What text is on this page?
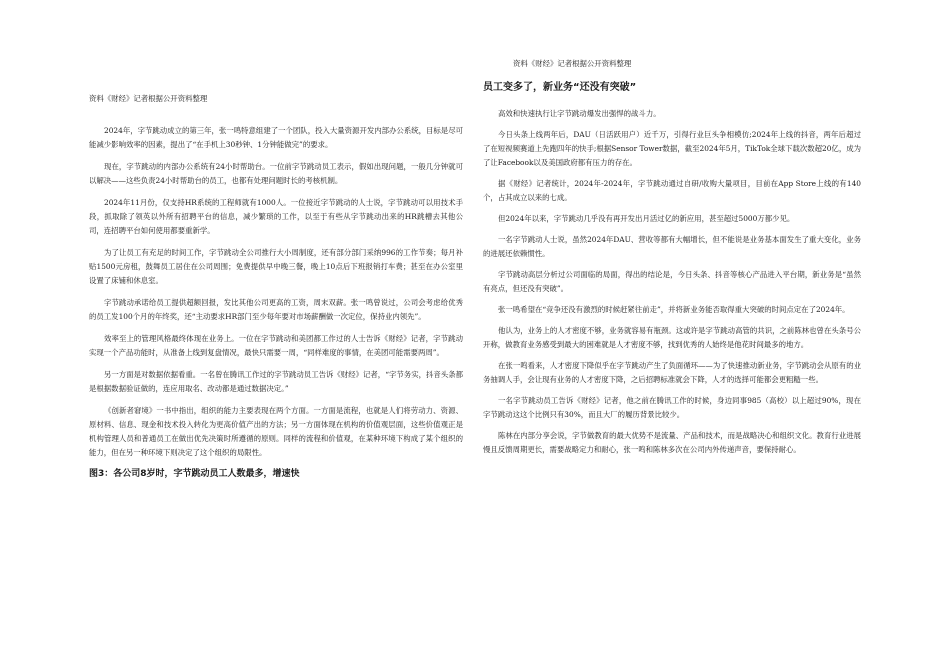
资料《财经》记者根据公开资料整理

2024年，字节跳动成立的第三年，张一鸣特意组建了一个团队，投入大量资源开发内部办公系统，目标是尽可能减少影响效率的因素，提出了“在手机上30秒钟、1分钟能做完”的要求。

现在，字节跳动的内部办公系统有24小时帮助台。一位前字节跳动员工表示，假如出现问题，一般几分钟就可以解决——这些负责24小时帮助台的员工，也都有处理问题时长的考核机制。

2024年11月份，仅支持HR系统的工程师就有1000人。一位接近字节跳动的人士说，字节跳动可以用技术手段，抓取除了领英以外所有招聘平台的信息，减少繁琐的工作，以至于有些从字节跳动出来的HR跳槽去其他公司，连招聘平台如何使用都要重新学。

为了让员工有充足的时间工作，字节跳动全公司推行大小周制度，还有部分部门采纳996的工作节奏；每月补贴1500元房租，鼓舞员工居住在公司周围；免费提供早中晚三餐，晚上10点后下班报销打车费；甚至在办公室里设置了床铺和休息室。

字节跳动承诺给员工提供超额回报，发比其他公司更高的工资，周末双薪。张一鸣曾说过，公司会考虑给优秀的员工发100个月的年终奖，还“主动要求HR部门至少每年要对市场薪酬做一次定位，保持业内领先”。

效率至上的管理风格最终体现在业务上。一位在字节跳动和美团都工作过的人士告诉《财经》记者，字节跳动实现一个产品功能时，从准备上线到复盘情况，最快只需要一周，“同样难度的事情，在美团可能需要两周”。

另一方面是对数据依据看重。一名曾在腾讯工作过的字节跳动员工告诉《财经》记者，“字节务实，抖音头条都是根据数据验证做的，连应用取名、改动都是通过数据决定。”

《创新者窘境》一书中指出，组织的能力主要表现在两个方面。一方面是流程，也就是人们将劳动力、资源、原材料、信息、现金和技术投入转化为更高价值产出的方法；另一方面体现在机构的价值观层面，这些价值观正是机构管理人员和普通员工在做出优先决策时所遵循的原则。同样的流程和价值观，在某种环境下构成了某个组织的能力，但在另一种环境下则决定了这个组织的局限性。

图3：各公司8岁时，字节跳动员工人数最多，增速快
资料《财经》记者根据公开资料整理
员工变多了，新业务“还没有突破”

高效和快速执行让字节跳动爆发出强悍的战斗力。

今日头条上线两年后，DAU（日活跃用户）近千万，引得行业巨头争相模仿;2024年上线的抖音，两年后超过了在短视频赛道上先跑四年的快手;根据Sensor Tower数据，截至2024年5月，TikTok全球下载次数超20亿，成为了让Facebook以及美国政府都有压力的存在。

据《财经》记者统计，2024年-2024年，字节跳动通过自研/收购大量项目，目前在App Store上线的有140个，占其成立以来的七成。

但2024年以来，字节跳动几乎没有再开发出月活过亿的新应用，甚至超过5000万都少见。

一名字节跳动人士说，虽然2024年DAU、营收等都有大幅增长，但不能说是业务基本面发生了重大变化，业务的进展还依赖惯性。

字节跳动高层分析过公司面临的局面，得出的结论是，今日头条、抖音等核心产品进入平台期，新业务是“虽然有亮点，但还没有突破”。

张一鸣希望在“竞争还没有激烈的时候赶紧往前走”，并将新业务能否取得重大突破的时间点定在了2024年。

他认为，业务上的人才密度不够，业务就容易有瓶颈。这或许是字节跳动高管的共识，之前陈林也曾在头条号公开称，做教育业务感受到最大的困难就是人才密度不够，找到优秀的人始终是他花时间最多的地方。

在张一鸣看来，人才密度下降似乎在字节跳动产生了负面循环——为了快速推动新业务，字节跳动会从原有的业务抽调人手，会让现有业务的人才密度下降，之后招聘标准就会下降，人才的选择可能都会更粗糙一些。

一名字节跳动员工告诉《财经》记者，他之前在腾讯工作的时候，身边同事985（高校）以上超过90%，现在字节跳动这这个比例只有30%，而且大厂的履历背景比较少。

陈林在内部分享会说，字节做教育的最大优势不是流量、产品和技术，而是战略决心和组织文化。教育行业进展慢且反馈周期更长，需要战略定力和耐心，张一鸣和陈林多次在公司内外传递声音，要保持耐心。
